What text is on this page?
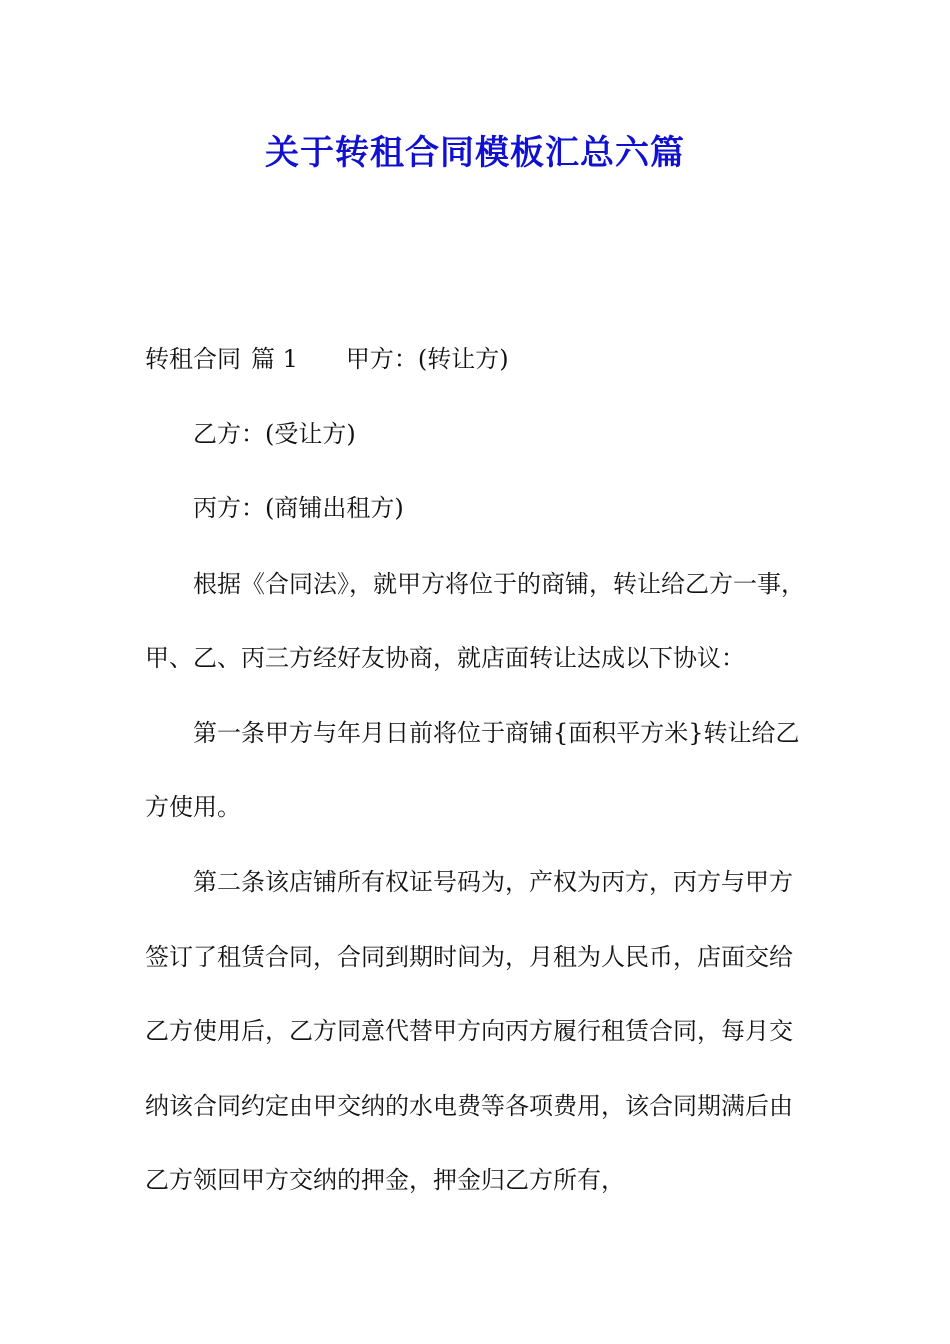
关于转租合同模板汇总六篇
转租合同 篇 1 甲方：(转让方)
乙方：(受让方)
丙方：(商铺出租方)
根据《合同法》，就甲方将位于的商铺，转让给乙方一事，
甲、乙、丙三方经好友协商，就店面转让达成以下协议：
第一条甲方与年月日前将位于商铺{面积平方米}转让给乙
方使用。
第二条该店铺所有权证号码为，产权为丙方，丙方与甲方
签订了租赁合同，合同到期时间为，月租为人民币，店面交给
乙方使用后，乙方同意代替甲方向丙方履行租赁合同，每月交
纳该合同约定由甲交纳的水电费等各项费用，该合同期满后由
乙方领回甲方交纳的押金，押金归乙方所有，
